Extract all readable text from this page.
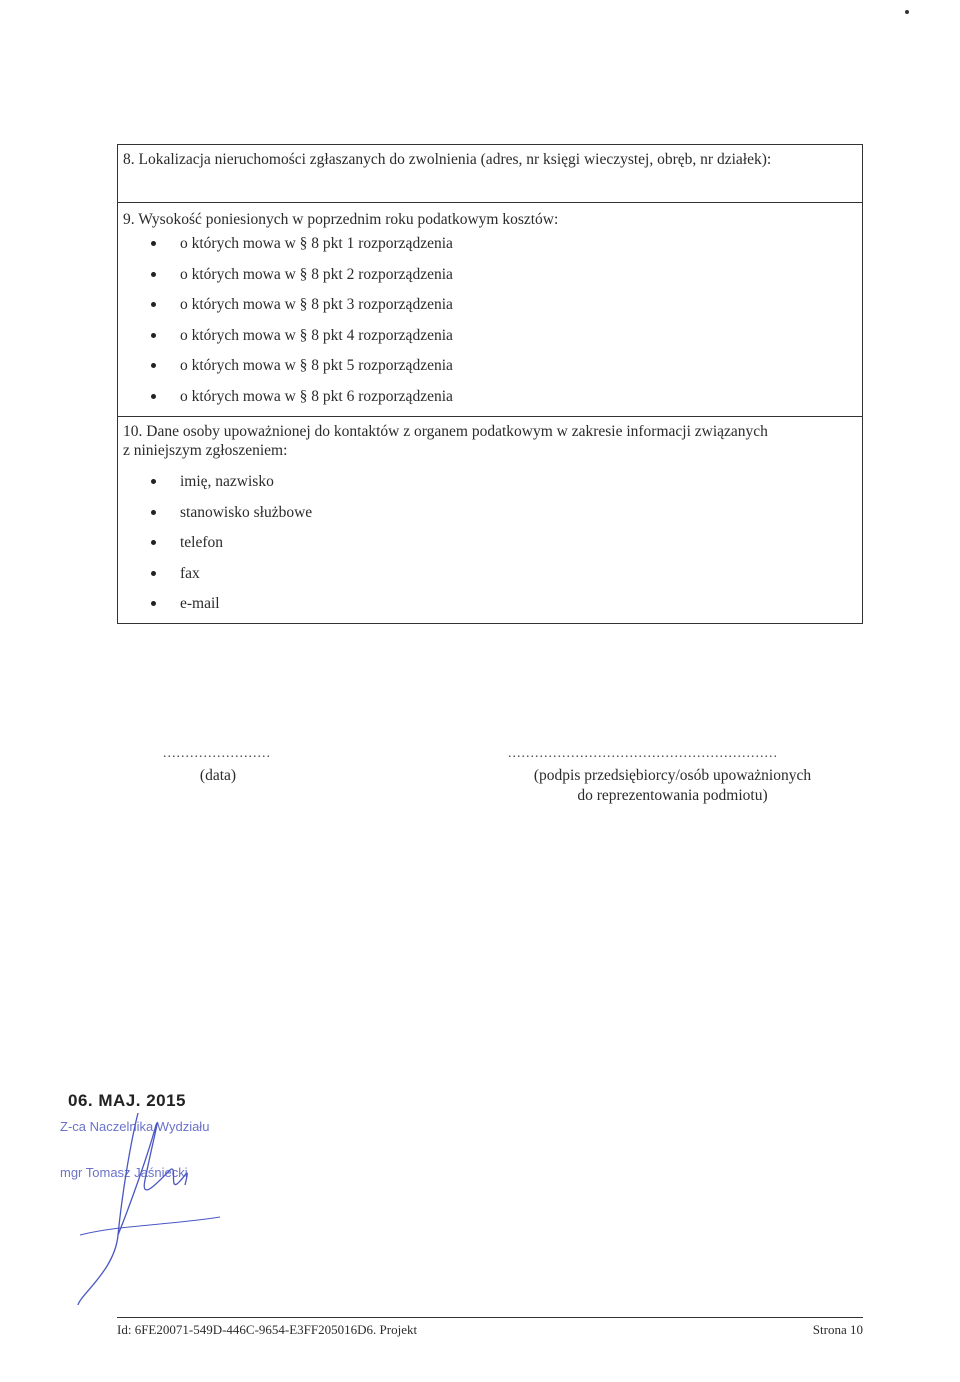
8. Lokalizacja nieruchomości zgłaszanych do zwolnienia (adres, nr księgi wieczystej, obręb, nr działek):
9. Wysokość poniesionych w poprzednim roku podatkowym kosztów:
o których mowa w § 8 pkt 1 rozporządzenia
o których mowa w § 8 pkt 2 rozporządzenia
o których mowa w § 8 pkt 3 rozporządzenia
o których mowa w § 8 pkt 4 rozporządzenia
o których mowa w § 8 pkt 5 rozporządzenia
o których mowa w § 8 pkt 6 rozporządzenia
10. Dane osoby upoważnionej do kontaktów z organem podatkowym w zakresie informacji związanych
z niniejszym zgłoszeniem:
imię, nazwisko
stanowisko służbowe
telefon
fax
e-mail
........................
(data)
............................................................
(podpis przedsiębiorcy/osób upoważnionych
do reprezentowania podmiotu)
06. MAJ. 2015
Z-ca Naczelnika Wydziału
mgr Tomasz Jaśniecki
Id: 6FE20071-549D-446C-9654-E3FF205016D6. Projekt	Strona 10
